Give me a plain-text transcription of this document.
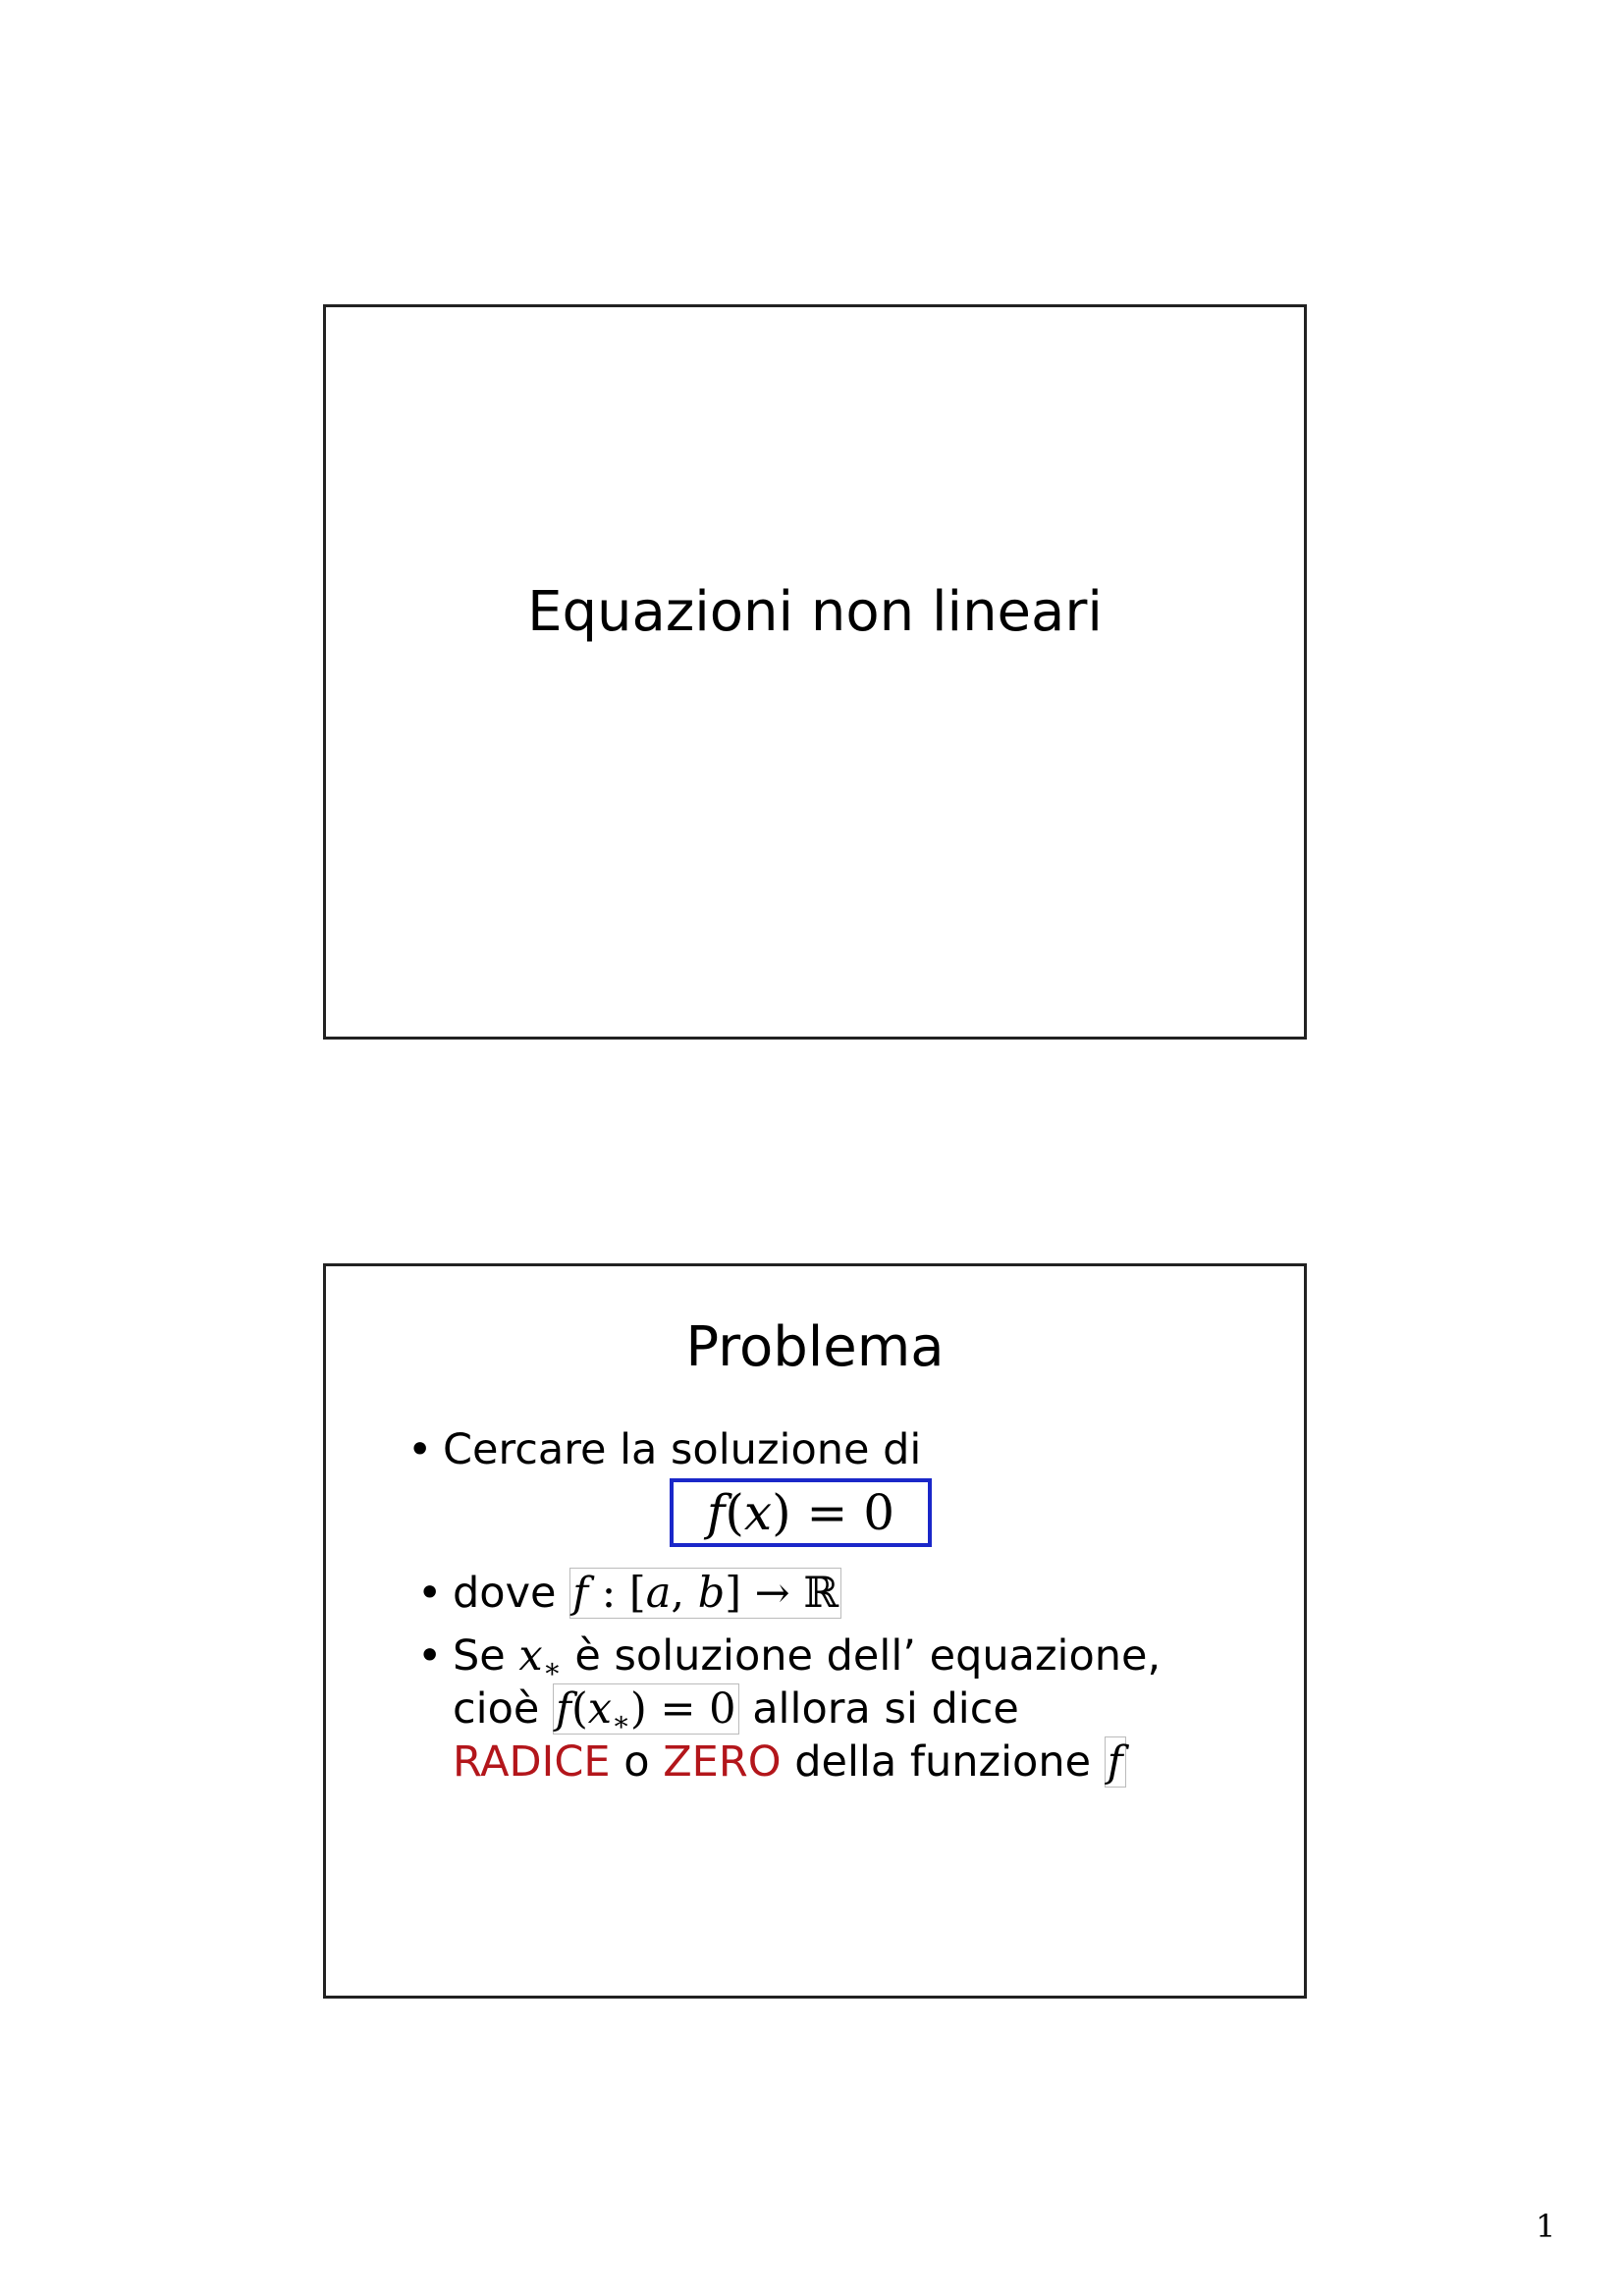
Equazioni non lineari
Problema
• Cercare la soluzione di
f(x) = 0
• dove f : [a, b] → ℝ
• Se $x_∗$ è soluzione dell’ equazione,
cioè $f(x_∗) = 0$ allora si dice
RADICE o ZERO della funzione f
1
